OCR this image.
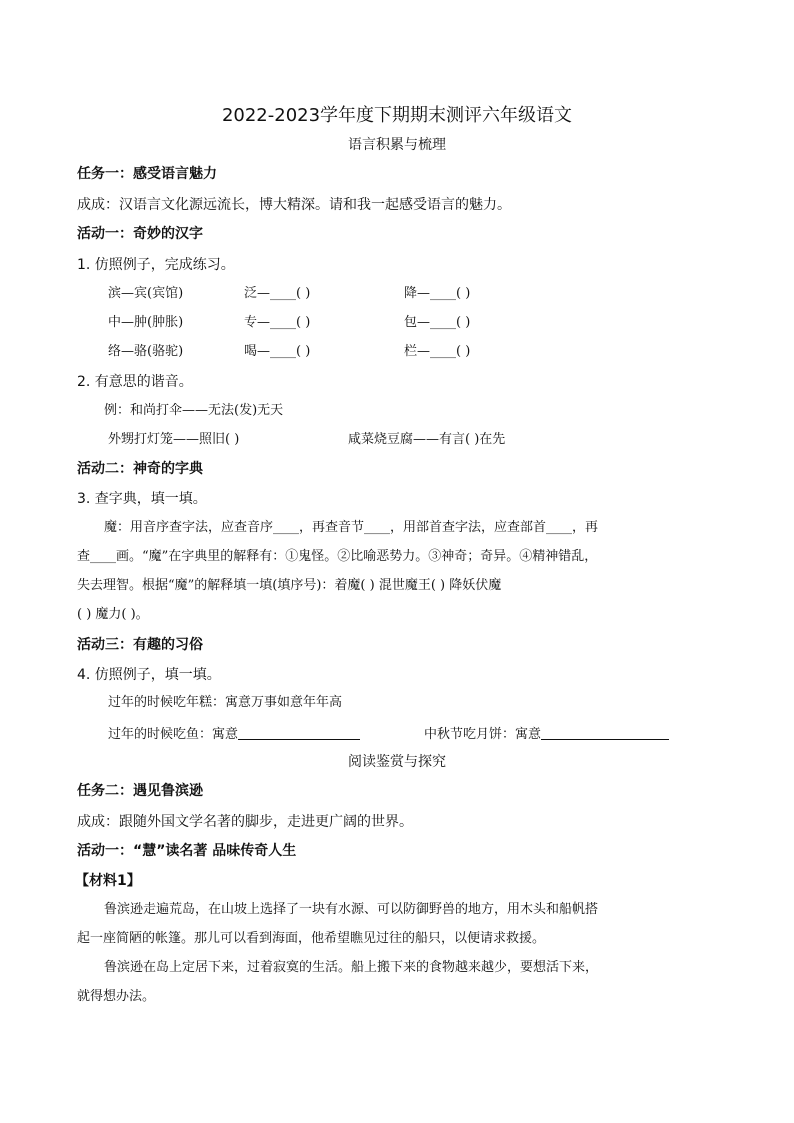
2022-2023学年度下期期末测评六年级语文
语言积累与梳理
任务一：感受语言魅力
成成：汉语言文化源远流长，博大精深。请和我一起感受语言的魅力。
活动一：奇妙的汉字
1. 仿照例子，完成练习。
滨—宾(宾馆)	泛—____( )	降—____( )
中—肿(肿胀)	专—____( )	包—____( )
络—骆(骆驼)	喝—____( )	栏—____( )
2. 有意思的谐音。
例：和尚打伞——无法(发)无天
外甥打灯笼——照旧( )	咸菜烧豆腐——有言( )在先
活动二：神奇的字典
3. 查字典，填一填。
魔：用音序查字法，应查音序____，再查音节____，用部首查字法，应查部首____，再
查____画。“魔”在字典里的解释有：①鬼怪。②比喻恶势力。③神奇；奇异。④精神错乱，
失去理智。根据“魔”的解释填一填(填序号)：着魔( ) 混世魔王( ) 降妖伏魔
( ) 魔力( )。
活动三：有趣的习俗
4. 仿照例子，填一填。
过年的时候吃年糕：寓意万事如意年年高
过年的时候吃鱼：寓意	中秋节吃月饼：寓意
阅读鉴赏与探究
任务二：遇见鲁滨逊
成成：跟随外国文学名著的脚步，走进更广阔的世界。
活动一：“慧”读名著 品味传奇人生
【材料1】
鲁滨逊走遍荒岛，在山坡上选择了一块有水源、可以防御野兽的地方，用木头和船帆搭
起一座简陋的帐篷。那儿可以看到海面，他希望瞧见过往的船只，以便请求救援。
鲁滨逊在岛上定居下来，过着寂寞的生活。船上搬下来的食物越来越少，要想活下来，
就得想办法。
